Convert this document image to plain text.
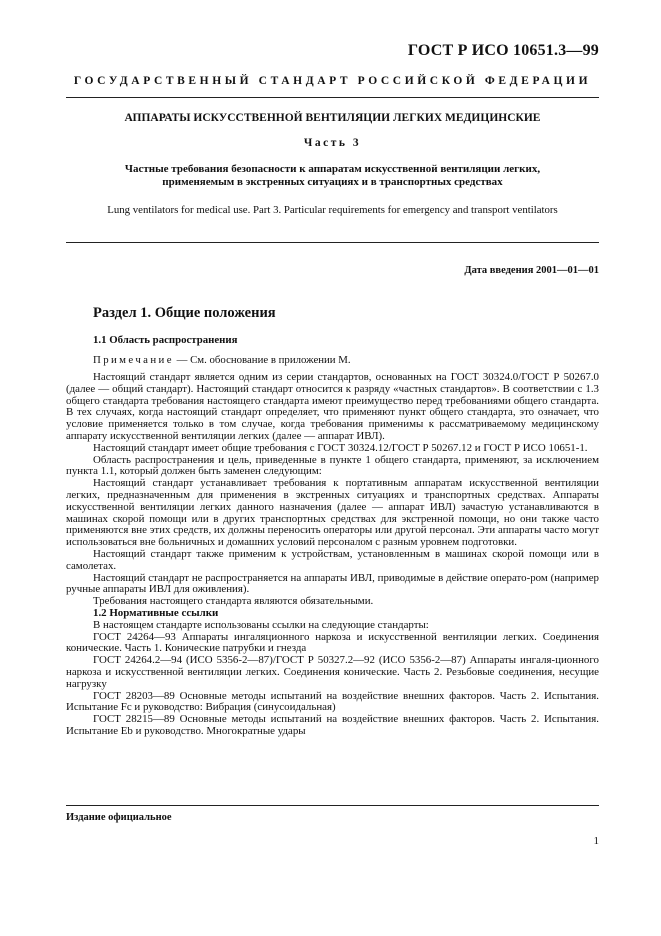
ГОСТ Р ИСО 10651.3—99
ГОСУДАРСТВЕННЫЙ СТАНДАРТ РОССИЙСКОЙ ФЕДЕРАЦИИ
АППАРАТЫ ИСКУССТВЕННОЙ ВЕНТИЛЯЦИИ ЛЕГКИХ МЕДИЦИНСКИЕ
Часть 3
Частные требования безопасности к аппаратам искусственной вентиляции легких, применяемым в экстренных ситуациях и в транспортных средствах
Lung ventilators for medical use. Part 3. Particular requirements for emergency and transport ventilators
Дата введения 2001—01—01
Раздел 1. Общие положения
1.1 Область распространения
Примечание — См. обоснование в приложении М.

Настоящий стандарт является одним из серии стандартов, основанных на ГОСТ 30324.0/ГОСТ Р 50267.0 (далее — общий стандарт). Настоящий стандарт относится к разряду «частных стандартов». В соответствии с 1.3 общего стандарта требования настоящего стандарта имеют преимущество перед требованиями общего стандарта. В тех случаях, когда настоящий стандарт определяет, что применяют пункт общего стандарта, это означает, что условие применяется только в том случае, когда требования применимы к рассматриваемому медицинскому аппарату искусственной вентиляции легких (далее — аппарат ИВЛ).

Настоящий стандарт имеет общие требования с ГОСТ 30324.12/ГОСТ Р 50267.12 и ГОСТ Р ИСО 10651-1.

Область распространения и цель, приведенные в пункте 1 общего стандарта, применяют, за исключением пункта 1.1, который должен быть заменен следующим:

Настоящий стандарт устанавливает требования к портативным аппаратам искусственной вентиляции легких, предназначенным для применения в экстренных ситуациях и транспортных средствах. Аппараты искусственной вентиляции легких данного назначения (далее — аппарат ИВЛ) зачастую устанавливаются в машинах скорой помощи или в других транспортных средствах для экстренной помощи, но они также часто применяются вне этих средств, их должны переносить операторы или другой персонал. Эти аппараты часто могут использоваться вне больничных и домашних условий персоналом с разным уровнем подготовки.

Настоящий стандарт также применим к устройствам, установленным в машинах скорой помощи или в самолетах.

Настоящий стандарт не распространяется на аппараты ИВЛ, приводимые в действие операто-ром (например ручные аппараты ИВЛ для оживления).

Требования настоящего стандарта являются обязательными.

1.2 Нормативные ссылки

В настоящем стандарте использованы ссылки на следующие стандарты:

ГОСТ 24264—93 Аппараты ингаляционного наркоза и искусственной вентиляции легких. Соединения конические. Часть 1. Конические патрубки и гнезда

ГОСТ 24264.2—94 (ИСО 5356-2—87)/ГОСТ Р 50327.2—92 (ИСО 5356-2—87) Аппараты ингаля-ционного наркоза и искусственной вентиляции легких. Соединения конические. Часть 2. Резьбовые соединения, несущие нагрузку

ГОСТ 28203—89 Основные методы испытаний на воздействие внешних факторов. Часть 2. Испытания. Испытание Fc и руководство: Вибрация (синусоидальная)

ГОСТ 28215—89 Основные методы испытаний на воздействие внешних факторов. Часть 2. Испытания. Испытание Eb и руководство. Многократные удары

Издание официальное
1
